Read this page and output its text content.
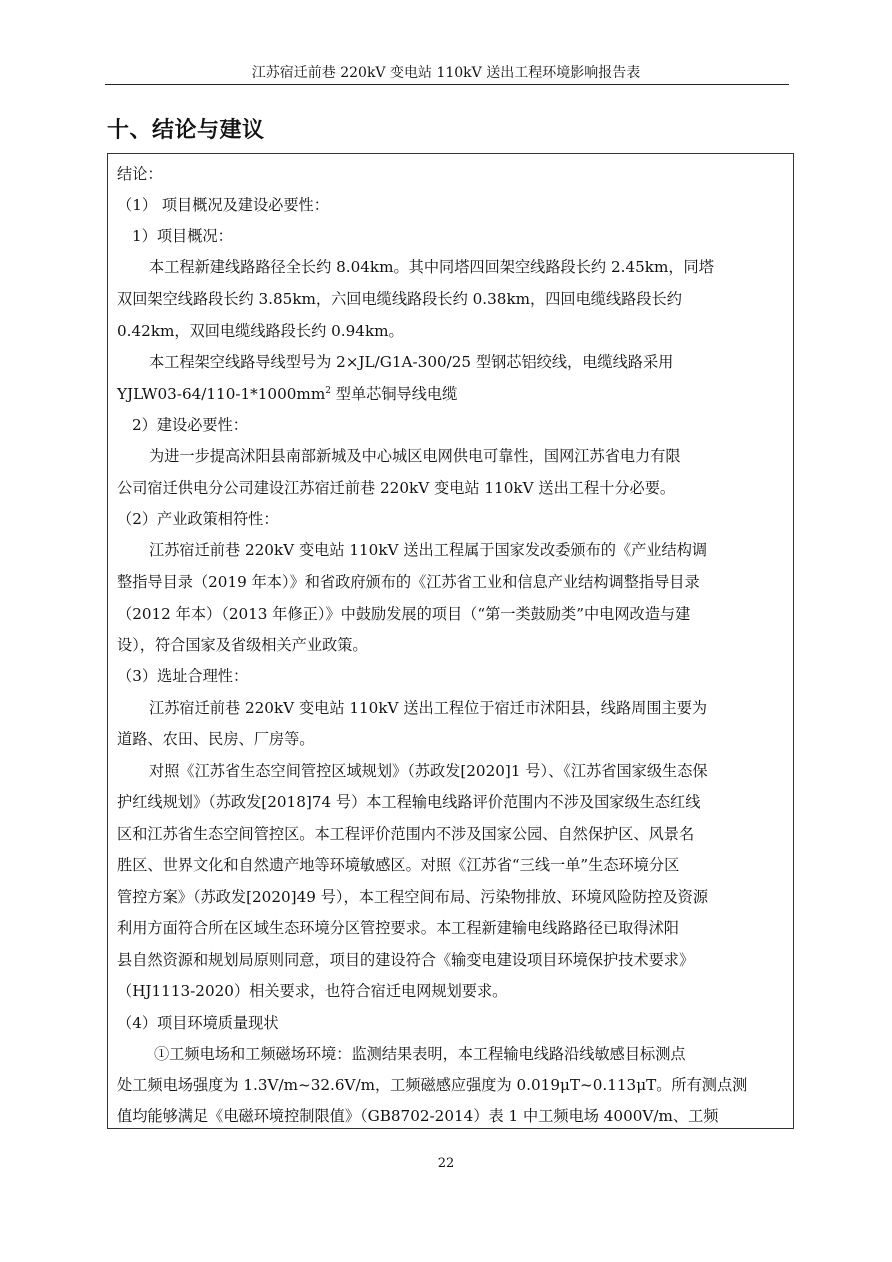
江苏宿迁前巷 220kV 变电站 110kV 送出工程环境影响报告表
十、结论与建议
结论：
（1） 项目概况及建设必要性：
1）项目概况：
本工程新建线路路径全长约 8.04km。其中同塔四回架空线路段长约 2.45km，同塔
双回架空线路段长约 3.85km，六回电缆线路段长约 0.38km，四回电缆线路段长约
0.42km，双回电缆线路段长约 0.94km。
本工程架空线路导线型号为 2×JL/G1A-300/25 型钢芯铝绞线，电缆线路采用
$YJLW03-64/110-1*1000mm^2$ 型单芯铜导线电缆
2）建设必要性：
为进一步提高沭阳县南部新城及中心城区电网供电可靠性，国网江苏省电力有限
公司宿迁供电分公司建设江苏宿迁前巷 220kV 变电站 110kV 送出工程十分必要。
（2）产业政策相符性：
江苏宿迁前巷 220kV 变电站 110kV 送出工程属于国家发改委颁布的《产业结构调
整指导目录（2019 年本）》和省政府颁布的《江苏省工业和信息产业结构调整指导目录
（2012 年本）（2013 年修正）》中鼓励发展的项目（“第一类鼓励类”中电网改造与建
设），符合国家及省级相关产业政策。
（3）选址合理性：
江苏宿迁前巷 220kV 变电站 110kV 送出工程位于宿迁市沭阳县，线路周围主要为
道路、农田、民房、厂房等。
对照《江苏省生态空间管控区域规划》（苏政发[2020]1 号）、《江苏省国家级生态保
护红线规划》（苏政发[2018]74 号）本工程输电线路评价范围内不涉及国家级生态红线
区和江苏省生态空间管控区。本工程评价范围内不涉及国家公园、自然保护区、风景名
胜区、世界文化和自然遗产地等环境敏感区。对照《江苏省“三线一单”生态环境分区
管控方案》（苏政发[2020]49 号），本工程空间布局、污染物排放、环境风险防控及资源
利用方面符合所在区域生态环境分区管控要求。本工程新建输电线路路径已取得沭阳
县自然资源和规划局原则同意，项目的建设符合《输变电建设项目环境保护技术要求》
（HJ1113-2020）相关要求，也符合宿迁电网规划要求。
（4）项目环境质量现状
①工频电场和工频磁场环境：监测结果表明，本工程输电线路沿线敏感目标测点
处工频电场强度为 1.3V/m~32.6V/m，工频磁感应强度为 0.019μT~0.113μT。所有测点测
值均能够满足《电磁环境控制限值》（GB8702-2014）表 1 中工频电场 4000V/m、工频
22
